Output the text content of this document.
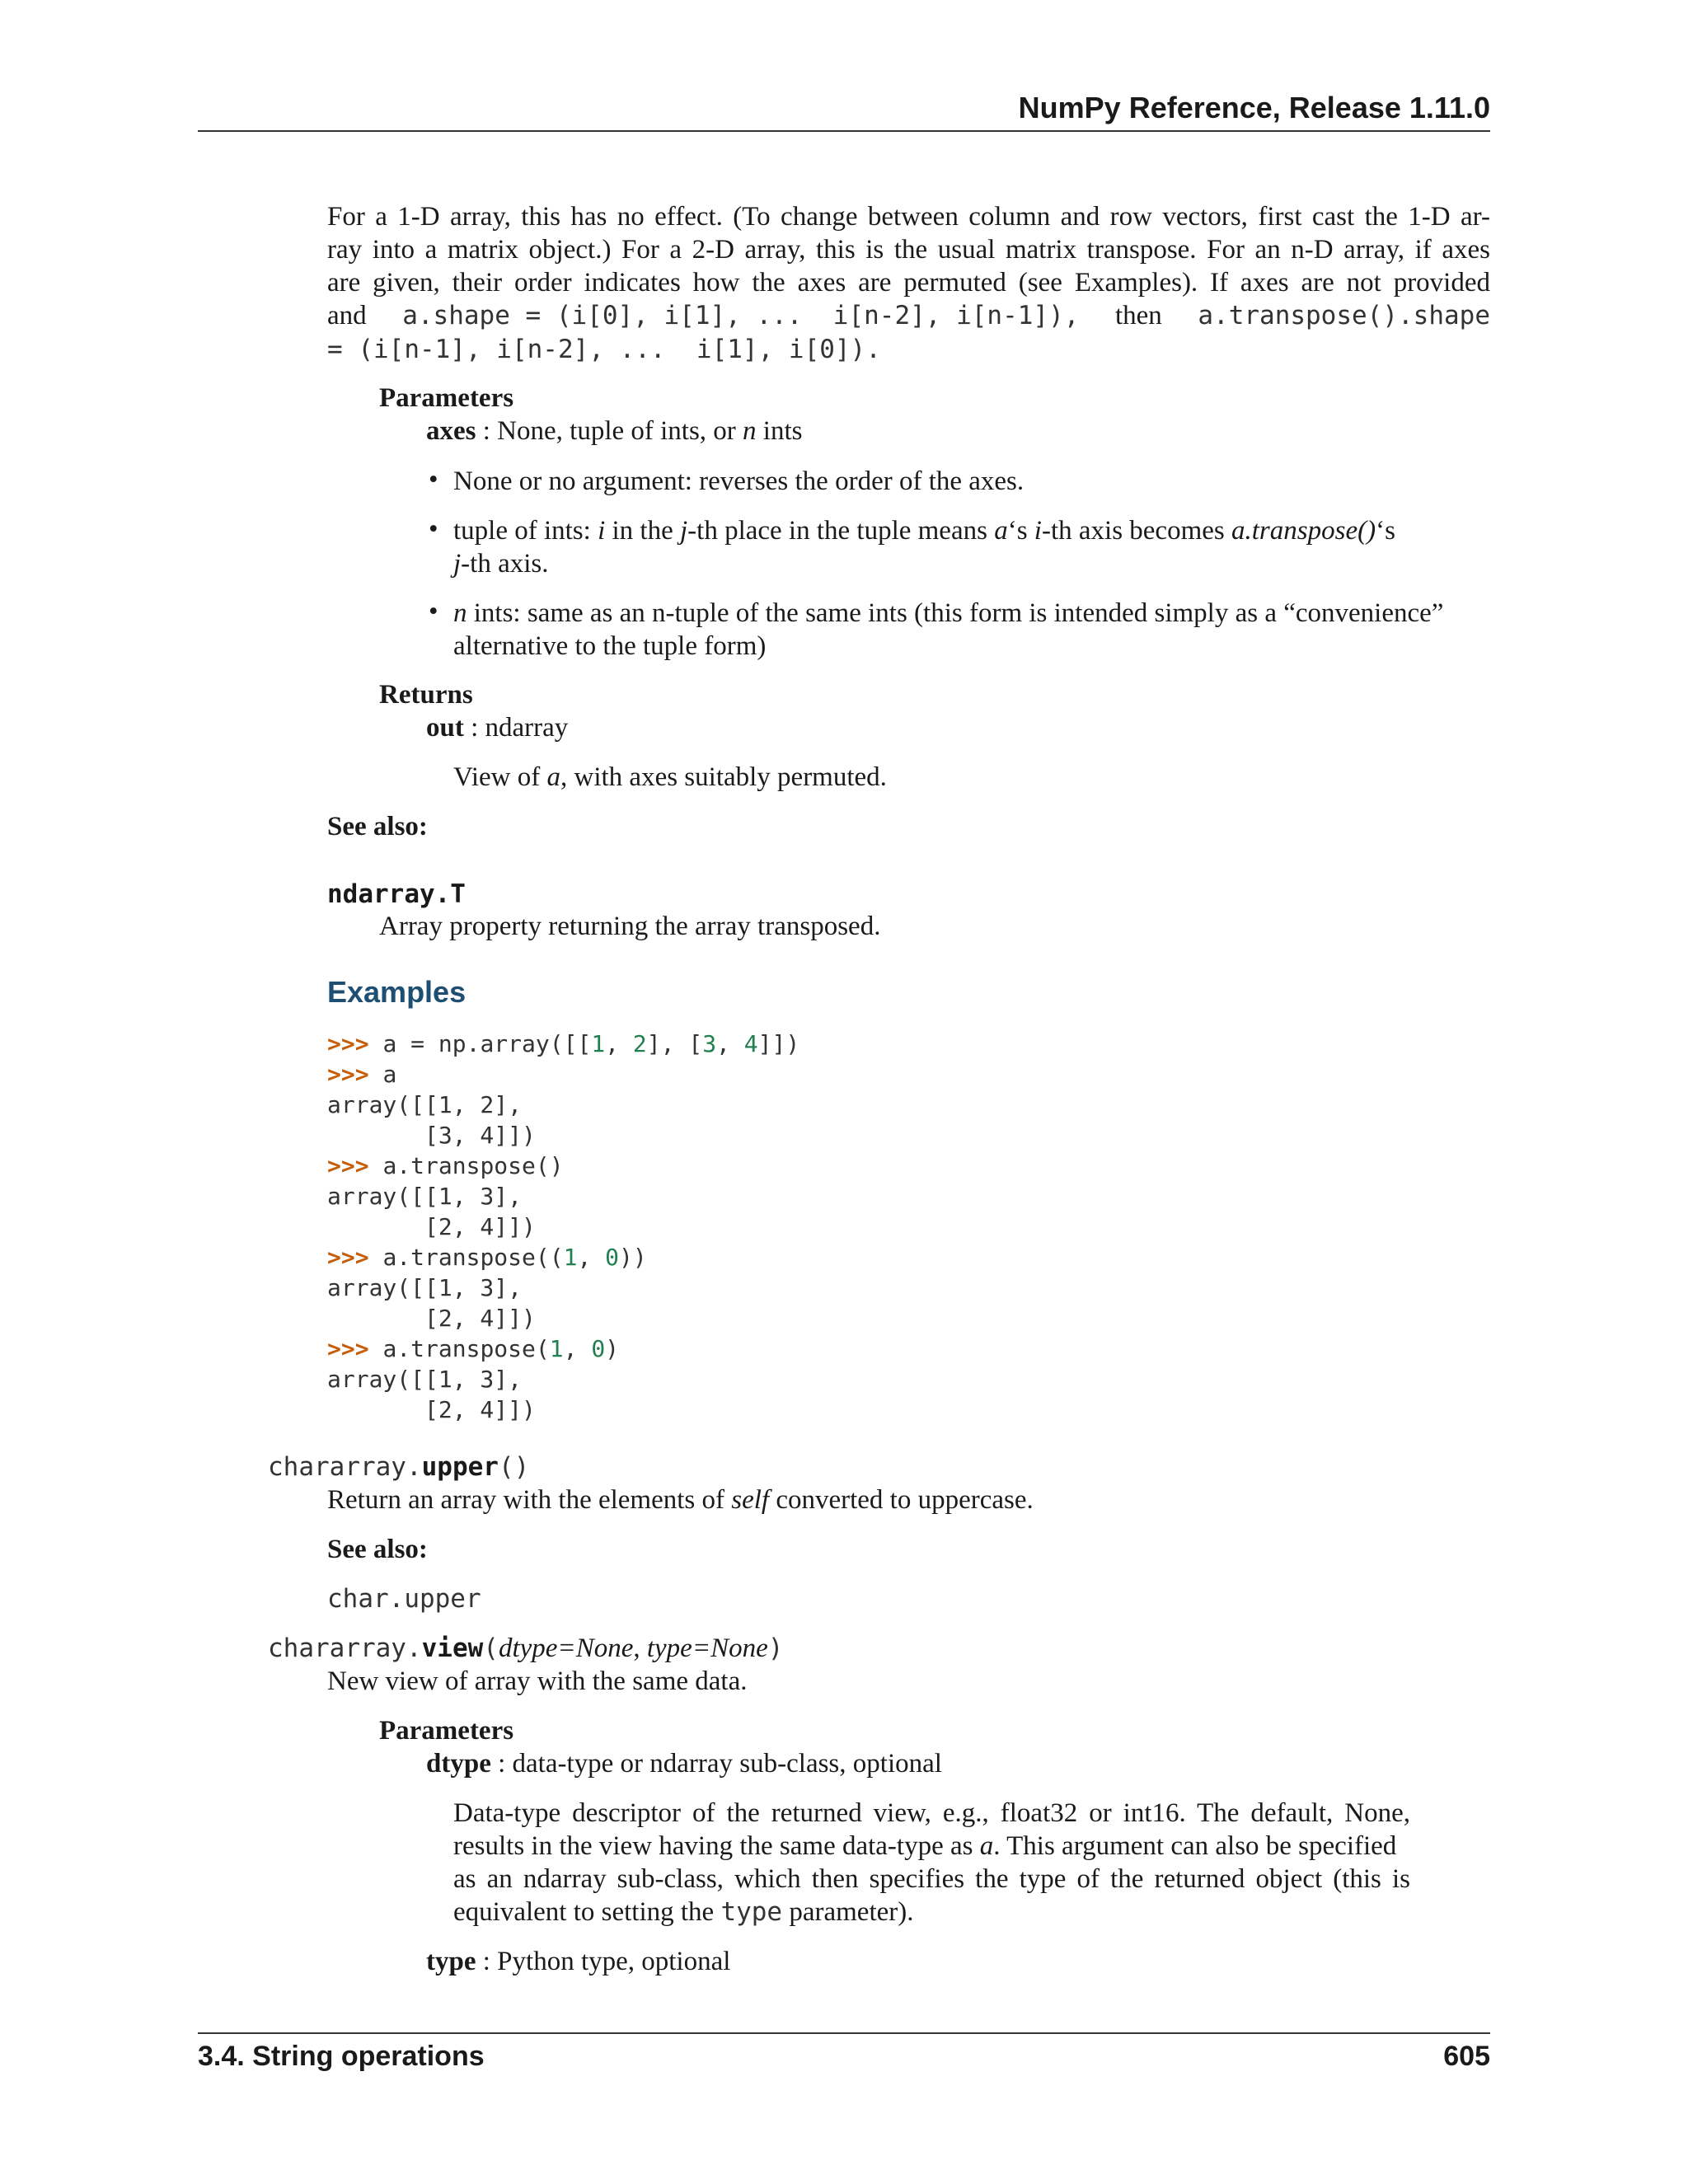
NumPy Reference, Release 1.11.0
For a 1-D array, this has no effect. (To change between column and row vectors, first cast the 1-D ar-
ray into a matrix object.) For a 2-D array, this is the usual matrix transpose. For an n-D array, if axes
are given, their order indicates how the axes are permuted (see Examples). If axes are not provided
and a.shape = (i[0], i[1], ...  i[n-2], i[n-1]), then a.transpose().shape
= (i[n-1], i[n-2], ...  i[1], i[0]).
Parameters
axes : None, tuple of ints, or n ints
• None or no argument: reverses the order of the axes.
• tuple of ints: i in the j-th place in the tuple means a‘s i-th axis becomes a.transpose()‘s
j-th axis.
• n ints: same as an n-tuple of the same ints (this form is intended simply as a “convenience”
alternative to the tuple form)
Returns
out : ndarray
View of a, with axes suitably permuted.
See also:
ndarray.T
Array property returning the array transposed.
Examples
>>> a = np.array([[1, 2], [3, 4]])
>>> a
array([[1, 2],
[3, 4]])
>>> a.transpose()
array([[1, 3],
[2, 4]])
>>> a.transpose((1, 0))
array([[1, 3],
[2, 4]])
>>> a.transpose(1, 0)
array([[1, 3],
[2, 4]])
chararray.upper()
Return an array with the elements of self converted to uppercase.
See also:
char.upper
chararray.view(dtype=None, type=None)
New view of array with the same data.
Parameters
dtype : data-type or ndarray sub-class, optional
Data-type descriptor of the returned view, e.g., float32 or int16. The default, None,
results in the view having the same data-type as a. This argument can also be specified
as an ndarray sub-class, which then specifies the type of the returned object (this is
equivalent to setting the type parameter).
type : Python type, optional
3.4. String operations	605
